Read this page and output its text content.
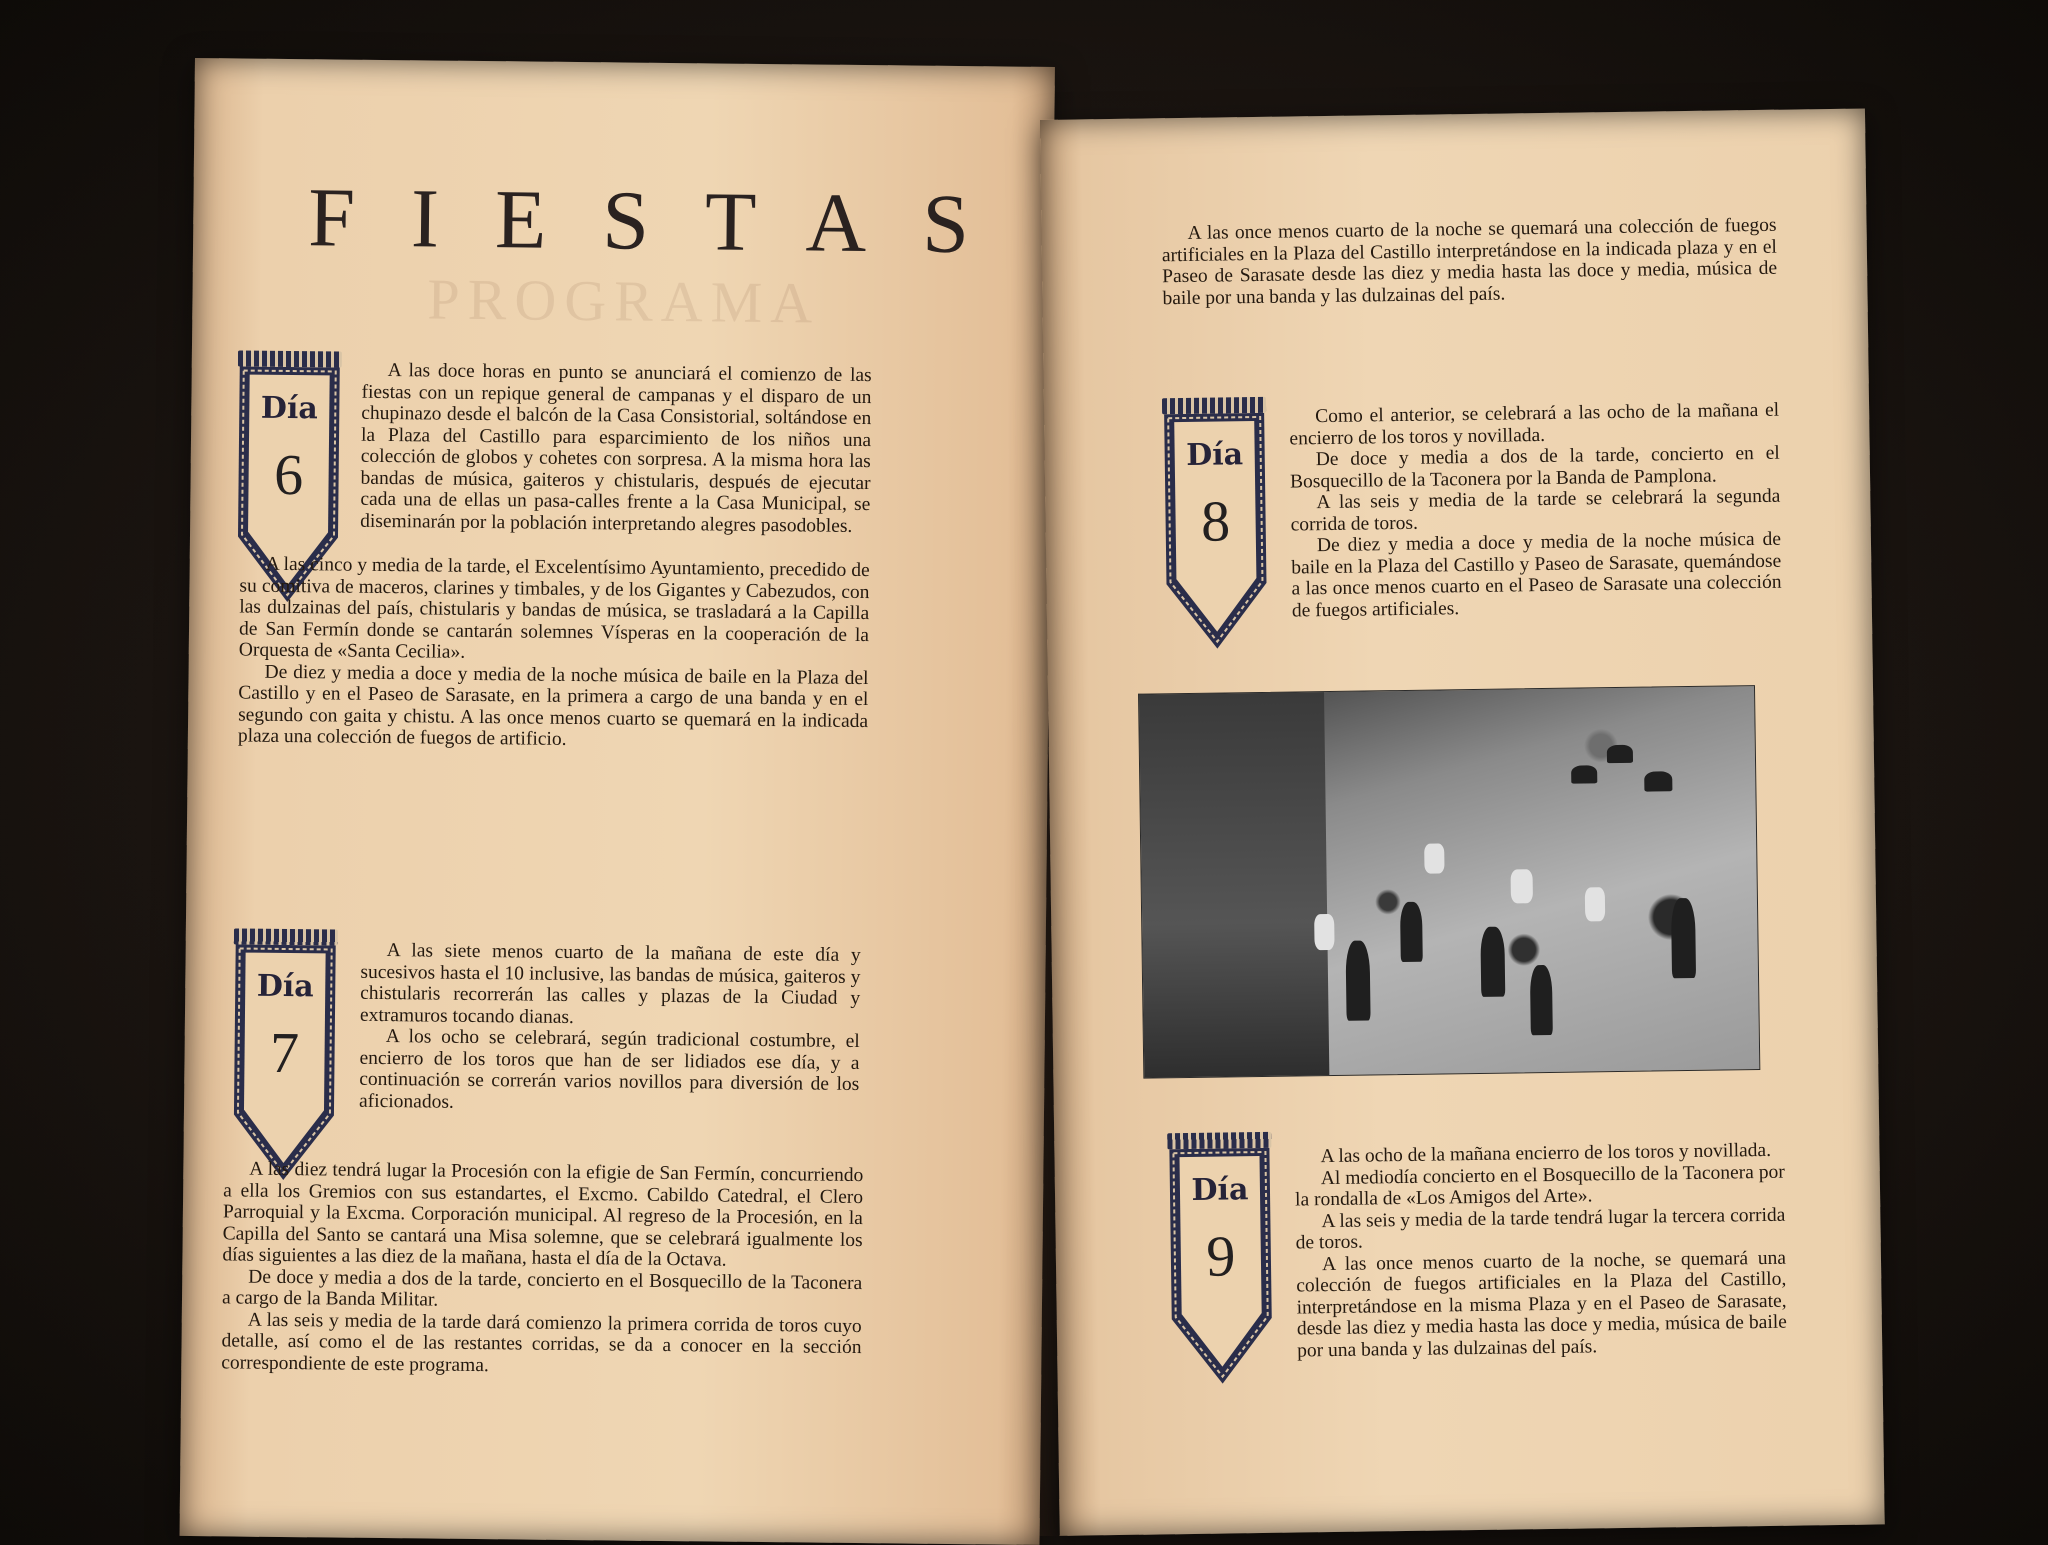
PROGRAMA
FIESTAS
Día
6

A las doce horas en punto se anunciará el comienzo de las fiestas con un repique general de campanas y el disparo de un chupinazo desde el balcón de la Casa Consistorial, soltándose en la Plaza del Castillo para esparcimiento de los niños una colección de globos y cohetes con sorpresa. A la misma hora las bandas de música, gaiteros y chistularis, después de ejecutar cada una de ellas un pasa-calles frente a la Casa Municipal, se diseminarán por la población interpretando alegres pasodobles.

A las cinco y media de la tarde, el Excelentísimo Ayuntamiento, precedido de su comitiva de maceros, clarines y timbales, y de los Gigantes y Cabezudos, con las dulzainas del país, chistularis y bandas de música, se trasladará a la Capilla de San Fermín donde se cantarán solemnes Vísperas en la cooperación de la Orquesta de «Santa Cecilia».

De diez y media a doce y media de la noche música de baile en la Plaza del Castillo y en el Paseo de Sarasate, en la primera a cargo de una banda y en el segundo con gaita y chistu. A las once menos cuarto se quemará en la indicada plaza una colección de fuegos de artificio.

Día
7

A las siete menos cuarto de la mañana de este día y sucesivos hasta el 10 inclusive, las bandas de música, gaiteros y chistularis recorrerán las calles y plazas de la Ciudad y extramuros tocando dianas.

A los ocho se celebrará, según tradicional costumbre, el encierro de los toros que han de ser lidiados ese día, y a continuación se correrán varios novillos para diversión de los aficionados.

A las diez tendrá lugar la Procesión con la efigie de San Fermín, concurriendo a ella los Gremios con sus estandartes, el Excmo. Cabildo Catedral, el Clero Parroquial y la Excma. Corporación municipal. Al regreso de la Procesión, en la Capilla del Santo se cantará una Misa solemne, que se celebrará igualmente los días siguientes a las diez de la mañana, hasta el día de la Octava.

De doce y media a dos de la tarde, concierto en el Bosquecillo de la Taconera a cargo de la Banda Militar.

A las seis y media de la tarde dará comienzo la primera corrida de toros cuyo detalle, así como el de las restantes corridas, se da a conocer en la sección correspondiente de este programa.

A las once menos cuarto de la noche se quemará una colección de fuegos artificiales en la Plaza del Castillo interpretándose en la indicada plaza y en el Paseo de Sarasate desde las diez y media hasta las doce y media, música de baile por una banda y las dulzainas del país.

Día
8

Como el anterior, se celebrará a las ocho de la mañana el encierro de los toros y novillada.

De doce y media a dos de la tarde, concierto en el Bosquecillo de la Taconera por la Banda de Pamplona.

A las seis y media de la tarde se celebrará la segunda corrida de toros.

De diez y media a doce y media de la noche música de baile en la Plaza del Castillo y Paseo de Sarasate, quemándose a las once menos cuarto en el Paseo de Sarasate una colección de fuegos artificiales.

Día
9

A las ocho de la mañana encierro de los toros y novillada.

Al mediodía concierto en el Bosquecillo de la Taconera por la rondalla de «Los Amigos del Arte».

A las seis y media de la tarde tendrá lugar la tercera corrida de toros.

A las once menos cuarto de la noche, se quemará una colección de fuegos artificiales en la Plaza del Castillo, interpretándose en la misma Plaza y en el Paseo de Sarasate, desde las diez y media hasta las doce y media, música de baile por una banda y las dulzainas del país.
